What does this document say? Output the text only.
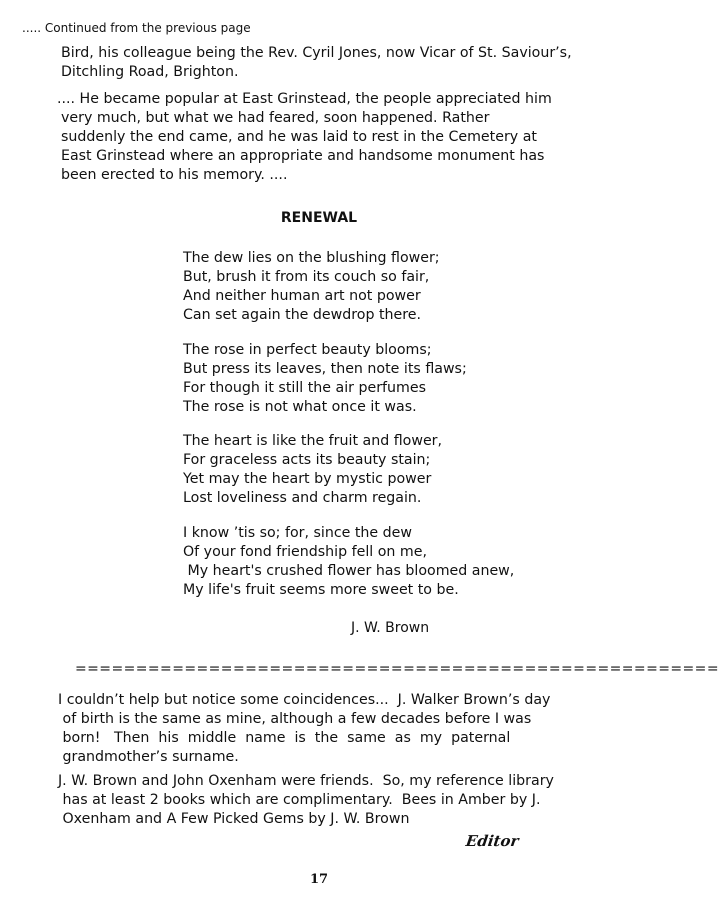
..... Continued from the previous page
Bird, his colleague being the Rev. Cyril Jones, now Vicar of St. Saviour’s,
Ditchling Road, Brighton.
.... He became popular at East Grinstead, the people appreciated him
very much, but what we had feared, soon happened. Rather
suddenly the end came, and he was laid to rest in the Cemetery at
East Grinstead where an appropriate and handsome monument has
been erected to his memory. ....
RENEWAL
The dew lies on the blushing flower;
But, brush it from its couch so fair,
And neither human art not power
Can set again the dewdrop there.
The rose in perfect beauty blooms;
But press its leaves, then note its flaws;
For though it still the air perfumes
The rose is not what once it was.
The heart is like the fruit and flower,
For graceless acts its beauty stain;
Yet may the heart by mystic power
Lost loveliness and charm regain.
I know ’tis so; for, since the dew
Of your fond friendship fell on me,
My heart's crushed flower has bloomed anew,
My life's fruit seems more sweet to be.
J. W. Brown
=====================================================
I couldn’t help but notice some coincidences...  J. Walker Brown’s day
of birth is the same as mine, although a few decades before I was
born!   Then  his  middle  name  is  the  same  as  my  paternal
grandmother’s surname.
J. W. Brown and John Oxenham were friends.  So, my reference library
has at least 2 books which are complimentary.  Bees in Amber by J.
Oxenham and A Few Picked Gems by J. W. Brown
Editor
17
